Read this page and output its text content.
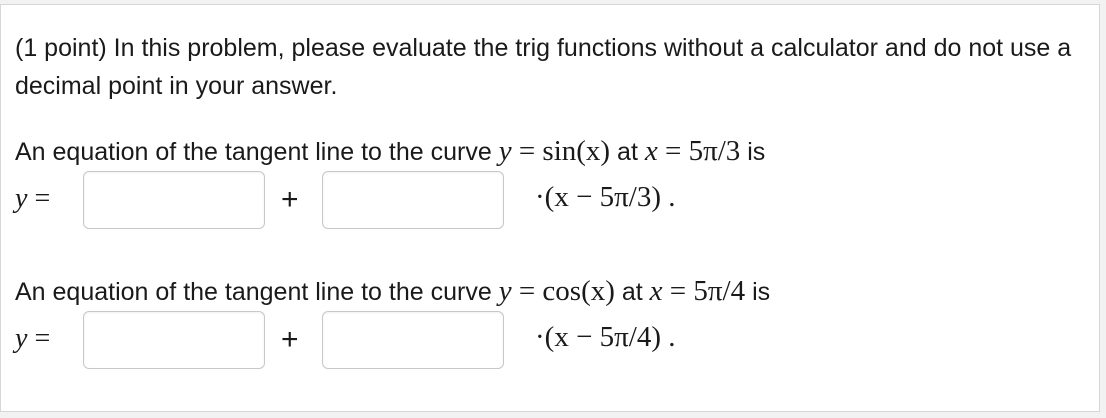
(1 point) In this problem, please evaluate the trig functions without a calculator and do not use a decimal point in your answer.
An equation of the tangent line to the curve y = sin(x) at x = 5π/3 is
y =	+	·(x − 5π/3) .
An equation of the tangent line to the curve y = cos(x) at x = 5π/4 is
y =	+	·(x − 5π/4) .
